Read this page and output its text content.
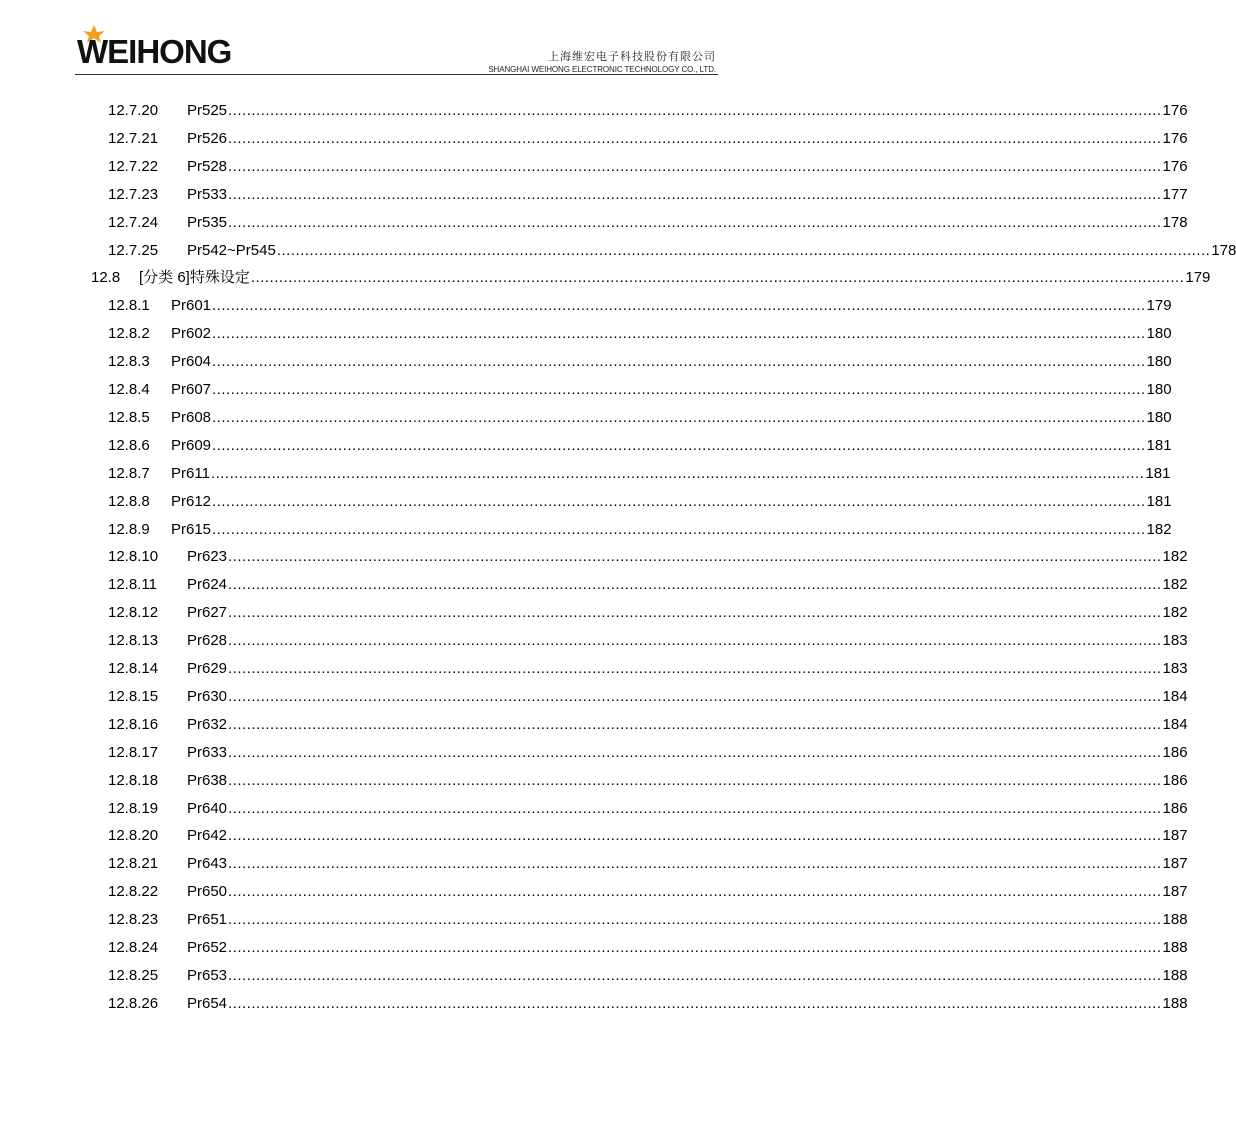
WEIHONG	上海维宏电子科技股份有限公司
SHANGHAI WEIHONG ELECTRONIC TECHNOLOGY CO., LTD.
12.7.20	Pr525 ........................................................................................................................................................................................................ 176
12.7.21	Pr526 ........................................................................................................................................................................................................ 176
12.7.22	Pr528 ........................................................................................................................................................................................................ 176
12.7.23	Pr533 ........................................................................................................................................................................................................ 177
12.7.24	Pr535 ........................................................................................................................................................................................................ 178
12.7.25	Pr542~Pr545 ........................................................................................................................................................................................................ 178
12.8	[分类 6]特殊设定 ........................................................................................................................................................................................................ 179
12.8.1	Pr601 ........................................................................................................................................................................................................ 179
12.8.2	Pr602 ........................................................................................................................................................................................................ 180
12.8.3	Pr604 ........................................................................................................................................................................................................ 180
12.8.4	Pr607 ........................................................................................................................................................................................................ 180
12.8.5	Pr608 ........................................................................................................................................................................................................ 180
12.8.6	Pr609 ........................................................................................................................................................................................................ 181
12.8.7	Pr611 ........................................................................................................................................................................................................ 181
12.8.8	Pr612 ........................................................................................................................................................................................................ 181
12.8.9	Pr615 ........................................................................................................................................................................................................ 182
12.8.10	Pr623 ........................................................................................................................................................................................................ 182
12.8.11	Pr624 ........................................................................................................................................................................................................ 182
12.8.12	Pr627 ........................................................................................................................................................................................................ 182
12.8.13	Pr628 ........................................................................................................................................................................................................ 183
12.8.14	Pr629 ........................................................................................................................................................................................................ 183
12.8.15	Pr630 ........................................................................................................................................................................................................ 184
12.8.16	Pr632 ........................................................................................................................................................................................................ 184
12.8.17	Pr633 ........................................................................................................................................................................................................ 186
12.8.18	Pr638 ........................................................................................................................................................................................................ 186
12.8.19	Pr640 ........................................................................................................................................................................................................ 186
12.8.20	Pr642 ........................................................................................................................................................................................................ 187
12.8.21	Pr643 ........................................................................................................................................................................................................ 187
12.8.22	Pr650 ........................................................................................................................................................................................................ 187
12.8.23	Pr651 ........................................................................................................................................................................................................ 188
12.8.24	Pr652 ........................................................................................................................................................................................................ 188
12.8.25	Pr653 ........................................................................................................................................................................................................ 188
12.8.26	Pr654 ........................................................................................................................................................................................................ 188
